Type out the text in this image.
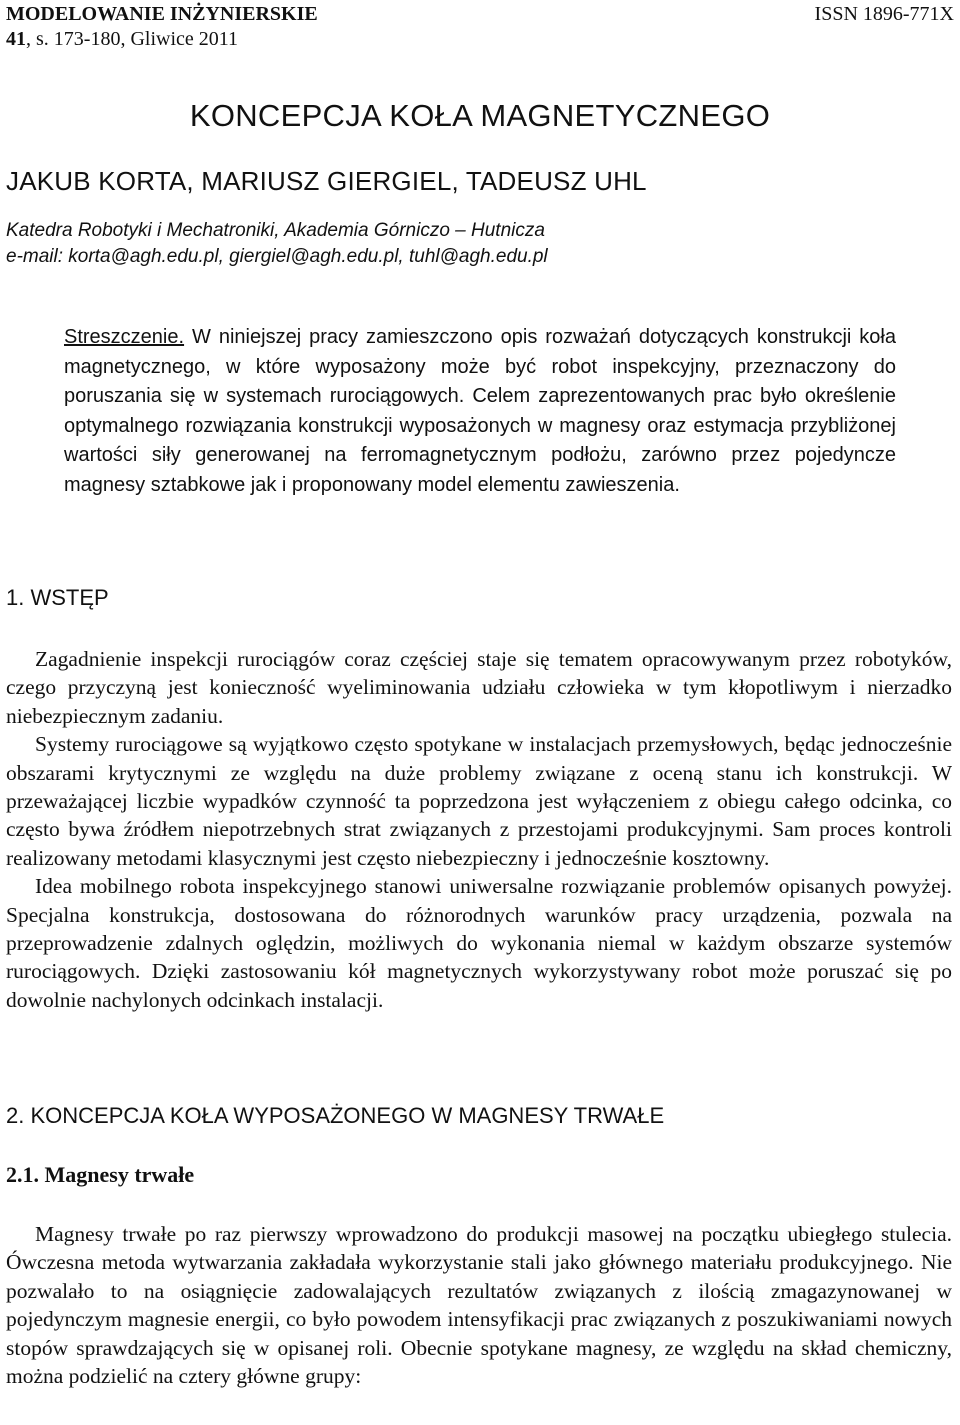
MODELOWANIE INŻYNIERSKIE
41, s. 173-180, Gliwice 2011
ISSN 1896-771X
KONCEPCJA KOŁA MAGNETYCZNEGO
JAKUB KORTA, MARIUSZ GIERGIEL, TADEUSZ UHL
Katedra Robotyki i Mechatroniki, Akademia Górniczo – Hutnicza
e-mail: korta@agh.edu.pl, giergiel@agh.edu.pl, tuhl@agh.edu.pl

Streszczenie. W niniejszej pracy zamieszczono opis rozważań dotyczących konstrukcji koła magnetycznego, w które wyposażony może być robot inspekcyjny, przeznaczony do poruszania się w systemach rurociągowych. Celem zaprezentowanych prac było określenie optymalnego rozwiązania konstrukcji wyposażonych w magnesy oraz estymacja przybliżonej wartości siły generowanej na ferromagnetycznym podłożu, zarówno przez pojedyncze magnesy sztabkowe jak i proponowany model elementu zawieszenia.

1. WSTĘP

Zagadnienie inspekcji rurociągów coraz częściej staje się tematem opracowywanym przez robotyków, czego przyczyną jest konieczność wyeliminowania udziału człowieka w tym kłopotliwym i nierzadko niebezpiecznym zadaniu.

Systemy rurociągowe są wyjątkowo często spotykane w instalacjach przemysłowych, będąc jednocześnie obszarami krytycznymi ze względu na duże problemy związane z oceną stanu ich konstrukcji. W przeważającej liczbie wypadków czynność ta poprzedzona jest wyłączeniem z obiegu całego odcinka, co często bywa źródłem niepotrzebnych strat związanych z przestojami produkcyjnymi. Sam proces kontroli realizowany metodami klasycznymi jest często niebezpieczny i jednocześnie kosztowny.

Idea mobilnego robota inspekcyjnego stanowi uniwersalne rozwiązanie problemów opisanych powyżej. Specjalna konstrukcja, dostosowana do różnorodnych warunków pracy urządzenia, pozwala na przeprowadzenie zdalnych oględzin, możliwych do wykonania niemal w każdym obszarze systemów rurociągowych. Dzięki zastosowaniu kół magnetycznych wykorzystywany robot może poruszać się po dowolnie nachylonych odcinkach instalacji.

2. KONCEPCJA KOŁA WYPOSAŻONEGO W MAGNESY TRWAŁE
2.1. Magnesy trwałe

Magnesy trwałe po raz pierwszy wprowadzono do produkcji masowej na początku ubiegłego stulecia. Ówczesna metoda wytwarzania zakładała wykorzystanie stali jako głównego materiału produkcyjnego. Nie pozwalało to na osiągnięcie zadowalających rezultatów związanych z ilością zmagazynowanej w pojedynczym magnesie energii, co było powodem intensyfikacji prac związanych z poszukiwaniami nowych stopów sprawdzających się w opisanej roli. Obecnie spotykane magnesy, ze względu na skład chemiczny, można podzielić na cztery główne grupy:
